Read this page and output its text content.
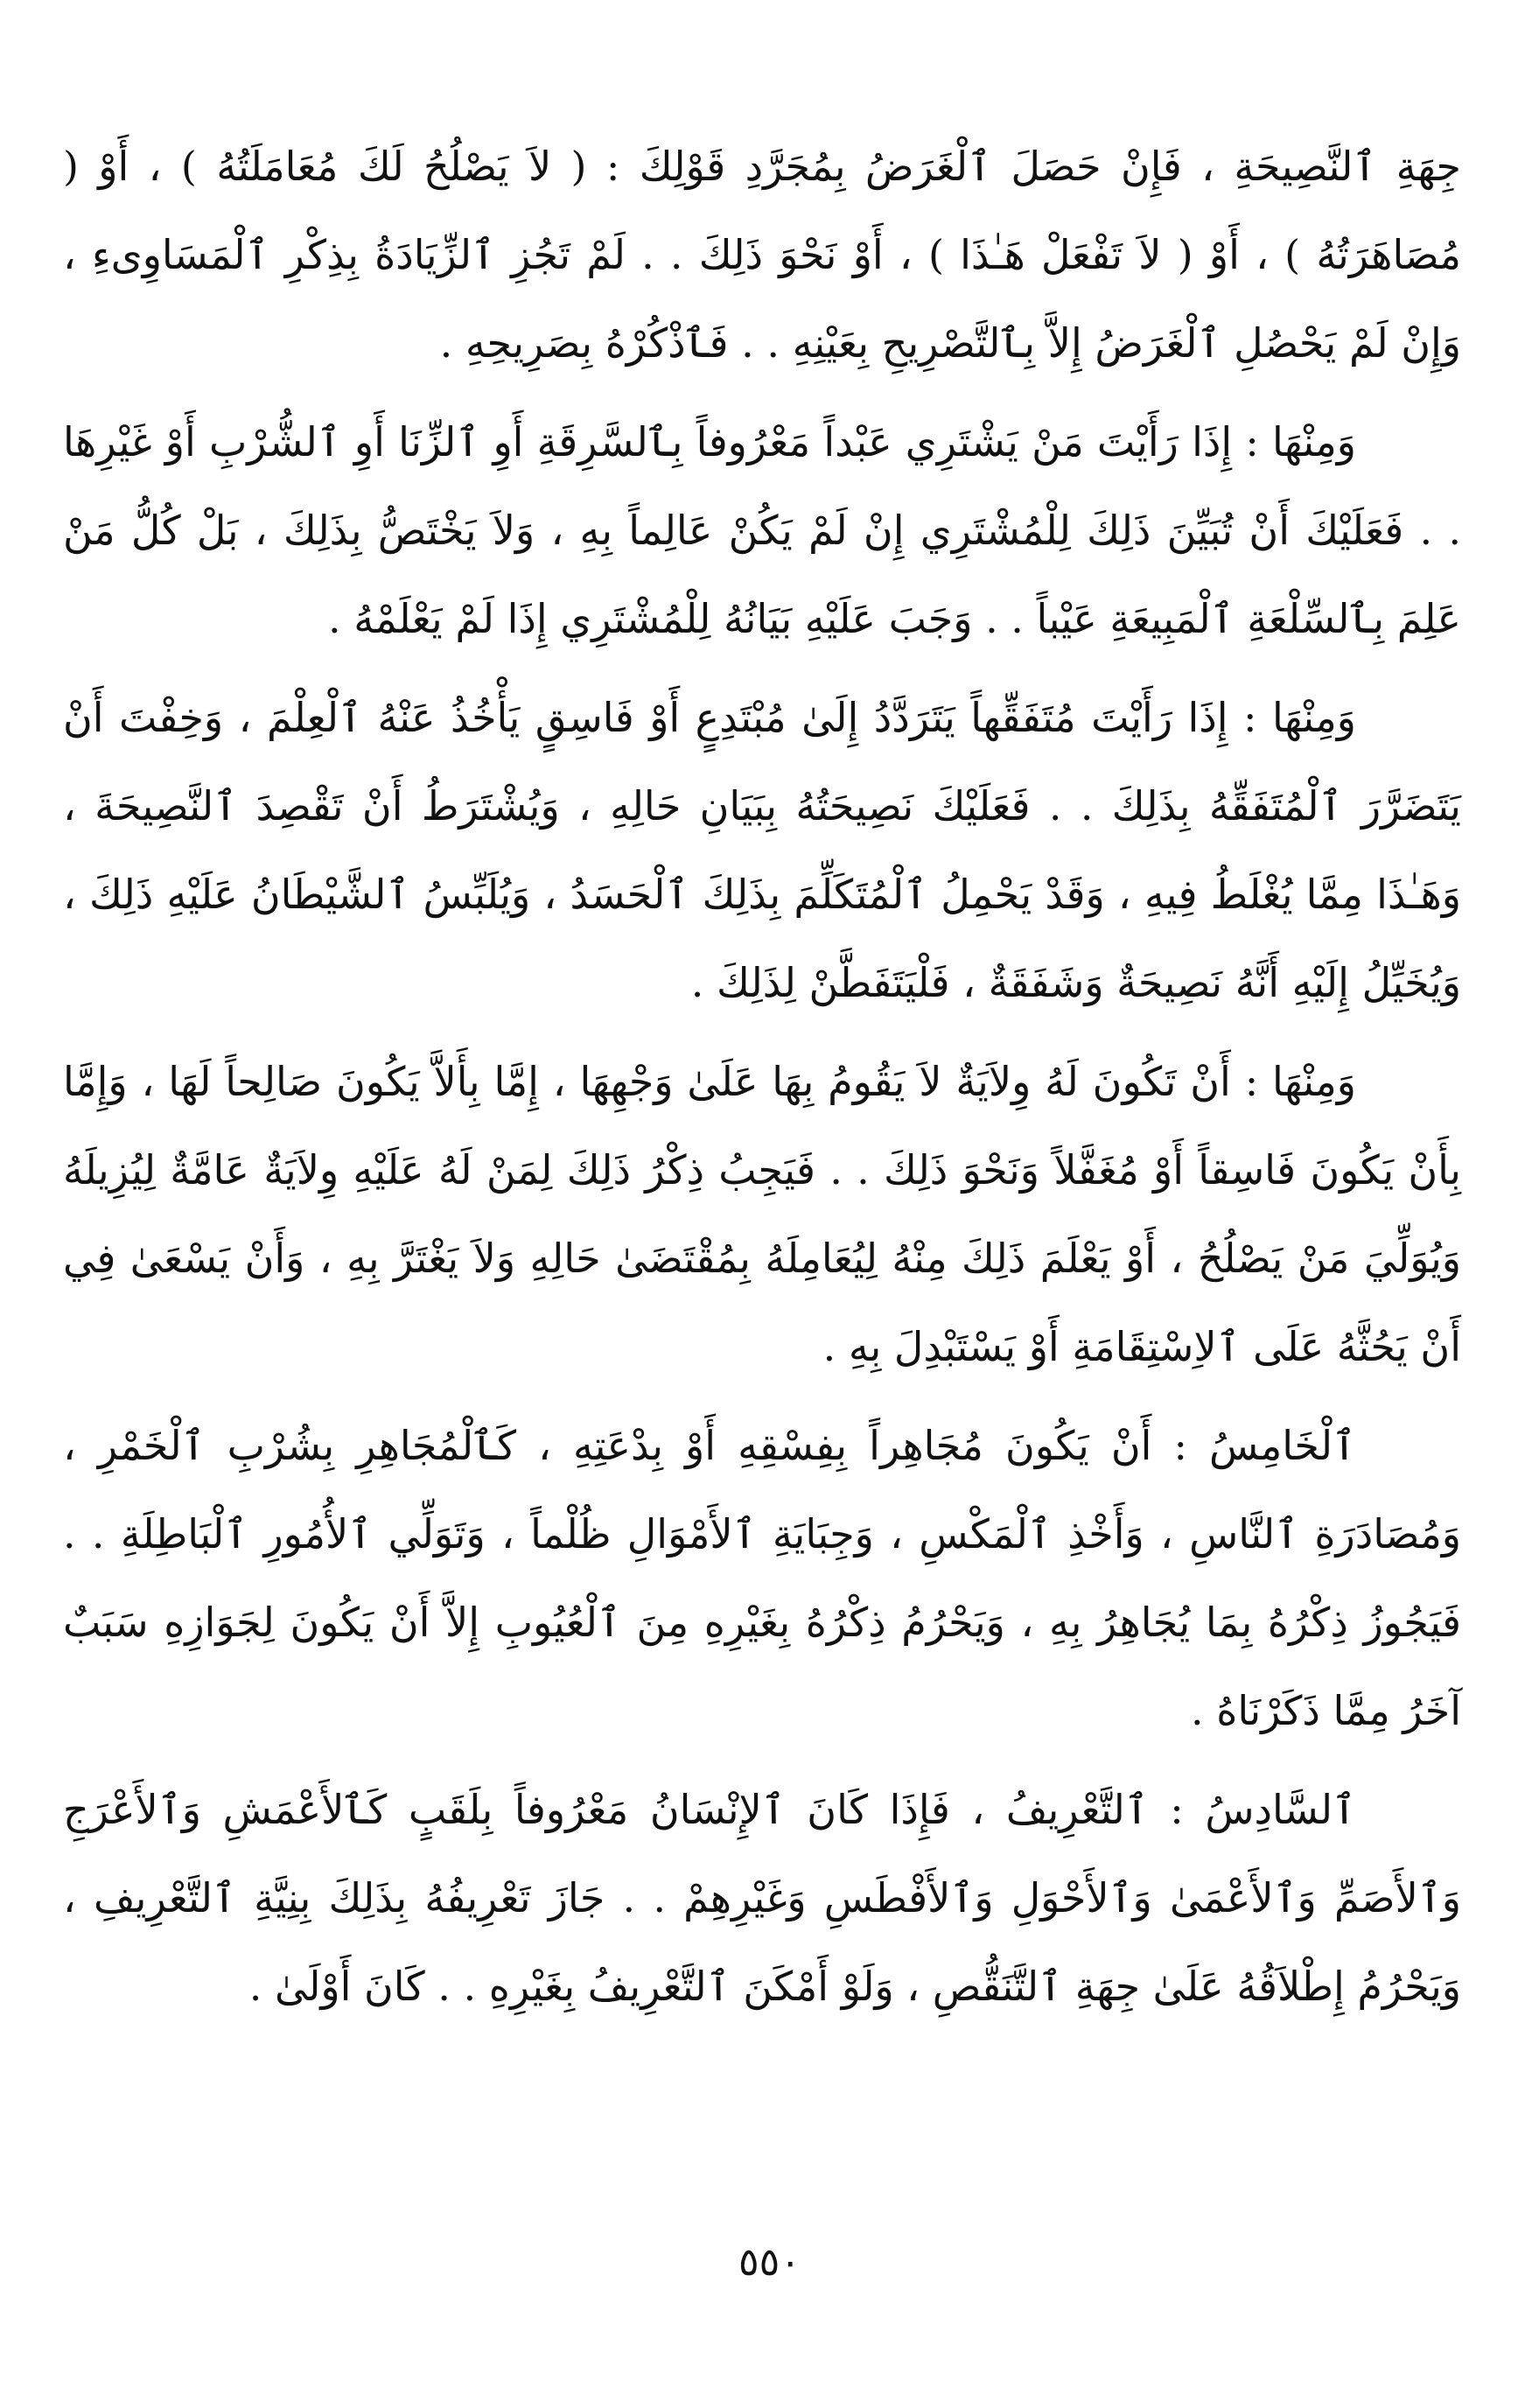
جِهَةِ ٱلنَّصِيحَةِ ، فَإِنْ حَصَلَ ٱلْغَرَضُ بِمُجَرَّدِ قَوْلِكَ : ( لاَ يَصْلُحُ لَكَ مُعَامَلَتُهُ ) ، أَوْ ( مُصَاهَرَتُهُ ) ، أَوْ ( لاَ تَفْعَلْ هَـٰذَا ) ، أَوْ نَحْوَ ذَلِكَ . . لَمْ تَجُزِ ٱلزِّيَادَةُ بِذِكْرِ ٱلْمَسَاوِىءِ ، وَإِنْ لَمْ يَحْصُلِ ٱلْغَرَضُ إِلاَّ بِٱلتَّصْرِيحِ بِعَيْنِهِ . . فَٱذْكُرْهُ بِصَرِيحِهِ .

وَمِنْهَا : إِذَا رَأَيْتَ مَنْ يَشْتَرِي عَبْداً مَعْرُوفاً بِٱلسَّرِقَةِ أَوِ ٱلزِّنَا أَوِ ٱلشُّرْبِ أَوْ غَيْرِهَا . . فَعَلَيْكَ أَنْ تُبَيِّنَ ذَلِكَ لِلْمُشْتَرِي إِنْ لَمْ يَكُنْ عَالِماً بِهِ ، وَلاَ يَخْتَصُّ بِذَلِكَ ، بَلْ كُلُّ مَنْ عَلِمَ بِٱلسِّلْعَةِ ٱلْمَبِيعَةِ عَيْباً . . وَجَبَ عَلَيْهِ بَيَانُهُ لِلْمُشْتَرِي إِذَا لَمْ يَعْلَمْهُ .

وَمِنْهَا : إِذَا رَأَيْتَ مُتَفَقِّهاً يَتَرَدَّدُ إِلَىٰ مُبْتَدِعٍ أَوْ فَاسِقٍ يَأْخُذُ عَنْهُ ٱلْعِلْمَ ، وَخِفْتَ أَنْ يَتَضَرَّرَ ٱلْمُتَفَقِّهُ بِذَلِكَ . . فَعَلَيْكَ نَصِيحَتُهُ بِبَيَانِ حَالِهِ ، وَيُشْتَرَطُ أَنْ تَقْصِدَ ٱلنَّصِيحَةَ ، وَهَـٰذَا مِمَّا يُغْلَطُ فِيهِ ، وَقَدْ يَحْمِلُ ٱلْمُتَكَلِّمَ بِذَلِكَ ٱلْحَسَدُ ، وَيُلَبِّسُ ٱلشَّيْطَانُ عَلَيْهِ ذَلِكَ ، وَيُخَيِّلُ إِلَيْهِ أَنَّهُ نَصِيحَةٌ وَشَفَقَةٌ ، فَلْيَتَفَطَّنْ لِذَلِكَ .

وَمِنْهَا : أَنْ تَكُونَ لَهُ وِلاَيَةٌ لاَ يَقُومُ بِهَا عَلَىٰ وَجْهِهَا ، إِمَّا بِأَلاَّ يَكُونَ صَالِحاً لَهَا ، وَإِمَّا بِأَنْ يَكُونَ فَاسِقاً أَوْ مُغَفَّلاً وَنَحْوَ ذَلِكَ . . فَيَجِبُ ذِكْرُ ذَلِكَ لِمَنْ لَهُ عَلَيْهِ وِلاَيَةٌ عَامَّةٌ لِيُزِيلَهُ وَيُوَلِّيَ مَنْ يَصْلُحُ ، أَوْ يَعْلَمَ ذَلِكَ مِنْهُ لِيُعَامِلَهُ بِمُقْتَضَىٰ حَالِهِ وَلاَ يَغْتَرَّ بِهِ ، وَأَنْ يَسْعَىٰ فِي أَنْ يَحُثَّهُ عَلَى ٱلاِسْتِقَامَةِ أَوْ يَسْتَبْدِلَ بِهِ .

ٱلْخَامِسُ : أَنْ يَكُونَ مُجَاهِراً بِفِسْقِهِ أَوْ بِدْعَتِهِ ، كَٱلْمُجَاهِرِ بِشُرْبِ ٱلْخَمْرِ ، وَمُصَادَرَةِ ٱلنَّاسِ ، وَأَخْذِ ٱلْمَكْسِ ، وَجِبَايَةِ ٱلأَمْوَالِ ظُلْماً ، وَتَوَلِّي ٱلأُمُورِ ٱلْبَاطِلَةِ . . فَيَجُوزُ ذِكْرُهُ بِمَا يُجَاهِرُ بِهِ ، وَيَحْرُمُ ذِكْرُهُ بِغَيْرِهِ مِنَ ٱلْعُيُوبِ إِلاَّ أَنْ يَكُونَ لِجَوَازِهِ سَبَبٌ آخَرُ مِمَّا ذَكَرْنَاهُ .

ٱلسَّادِسُ : ٱلتَّعْرِيفُ ، فَإِذَا كَانَ ٱلإِنْسَانُ مَعْرُوفاً بِلَقَبٍ كَٱلأَعْمَشِ وَٱلأَعْرَجِ وَٱلأَصَمِّ وَٱلأَعْمَىٰ وَٱلأَحْوَلِ وَٱلأَفْطَسِ وَغَيْرِهِمْ . . جَازَ تَعْرِيفُهُ بِذَلِكَ بِنِيَّةِ ٱلتَّعْرِيفِ ، وَيَحْرُمُ إِطْلاَقُهُ عَلَىٰ جِهَةِ ٱلتَّنَقُّصِ ، وَلَوْ أَمْكَنَ ٱلتَّعْرِيفُ بِغَيْرِهِ . . كَانَ أَوْلَىٰ .

٥٥٠
